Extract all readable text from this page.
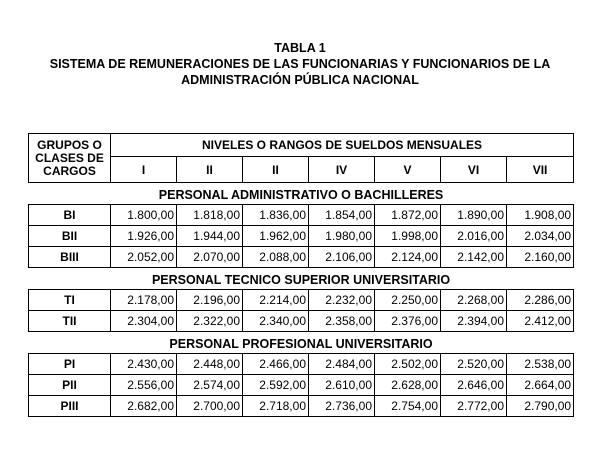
TABLA 1
SISTEMA DE REMUNERACIONES DE LAS FUNCIONARIAS Y FUNCIONARIOS DE LA
ADMINISTRACIÓN PÚBLICA NACIONAL
GRUPOS O
CLASES DE
CARGOS	NIVELES O RANGOS DE SUELDOS MENSUALES						
	I	II	II	IV	V	VI	VII
PERSONAL ADMINISTRATIVO O BACHILLERES							
BI	1.800,00	1.818,00	1.836,00	1.854,00	1.872,00	1.890,00	1.908,00
BII	1.926,00	1.944,00	1.962,00	1.980,00	1.998,00	2.016,00	2.034,00
BIII	2.052,00	2.070,00	2.088,00	2.106,00	2.124,00	2.142,00	2.160,00
PERSONAL TECNICO SUPERIOR UNIVERSITARIO							
TI	2.178,00	2.196,00	2.214,00	2.232,00	2.250,00	2.268,00	2.286,00
TII	2.304,00	2.322,00	2.340,00	2.358,00	2.376,00	2.394,00	2.412,00
PERSONAL PROFESIONAL UNIVERSITARIO							
PI	2.430,00	2.448,00	2.466,00	2.484,00	2.502,00	2.520,00	2.538,00
PII	2.556,00	2.574,00	2.592,00	2.610,00	2.628,00	2.646,00	2.664,00
PIII	2.682,00	2.700,00	2.718,00	2.736,00	2.754,00	2.772,00	2.790,00
